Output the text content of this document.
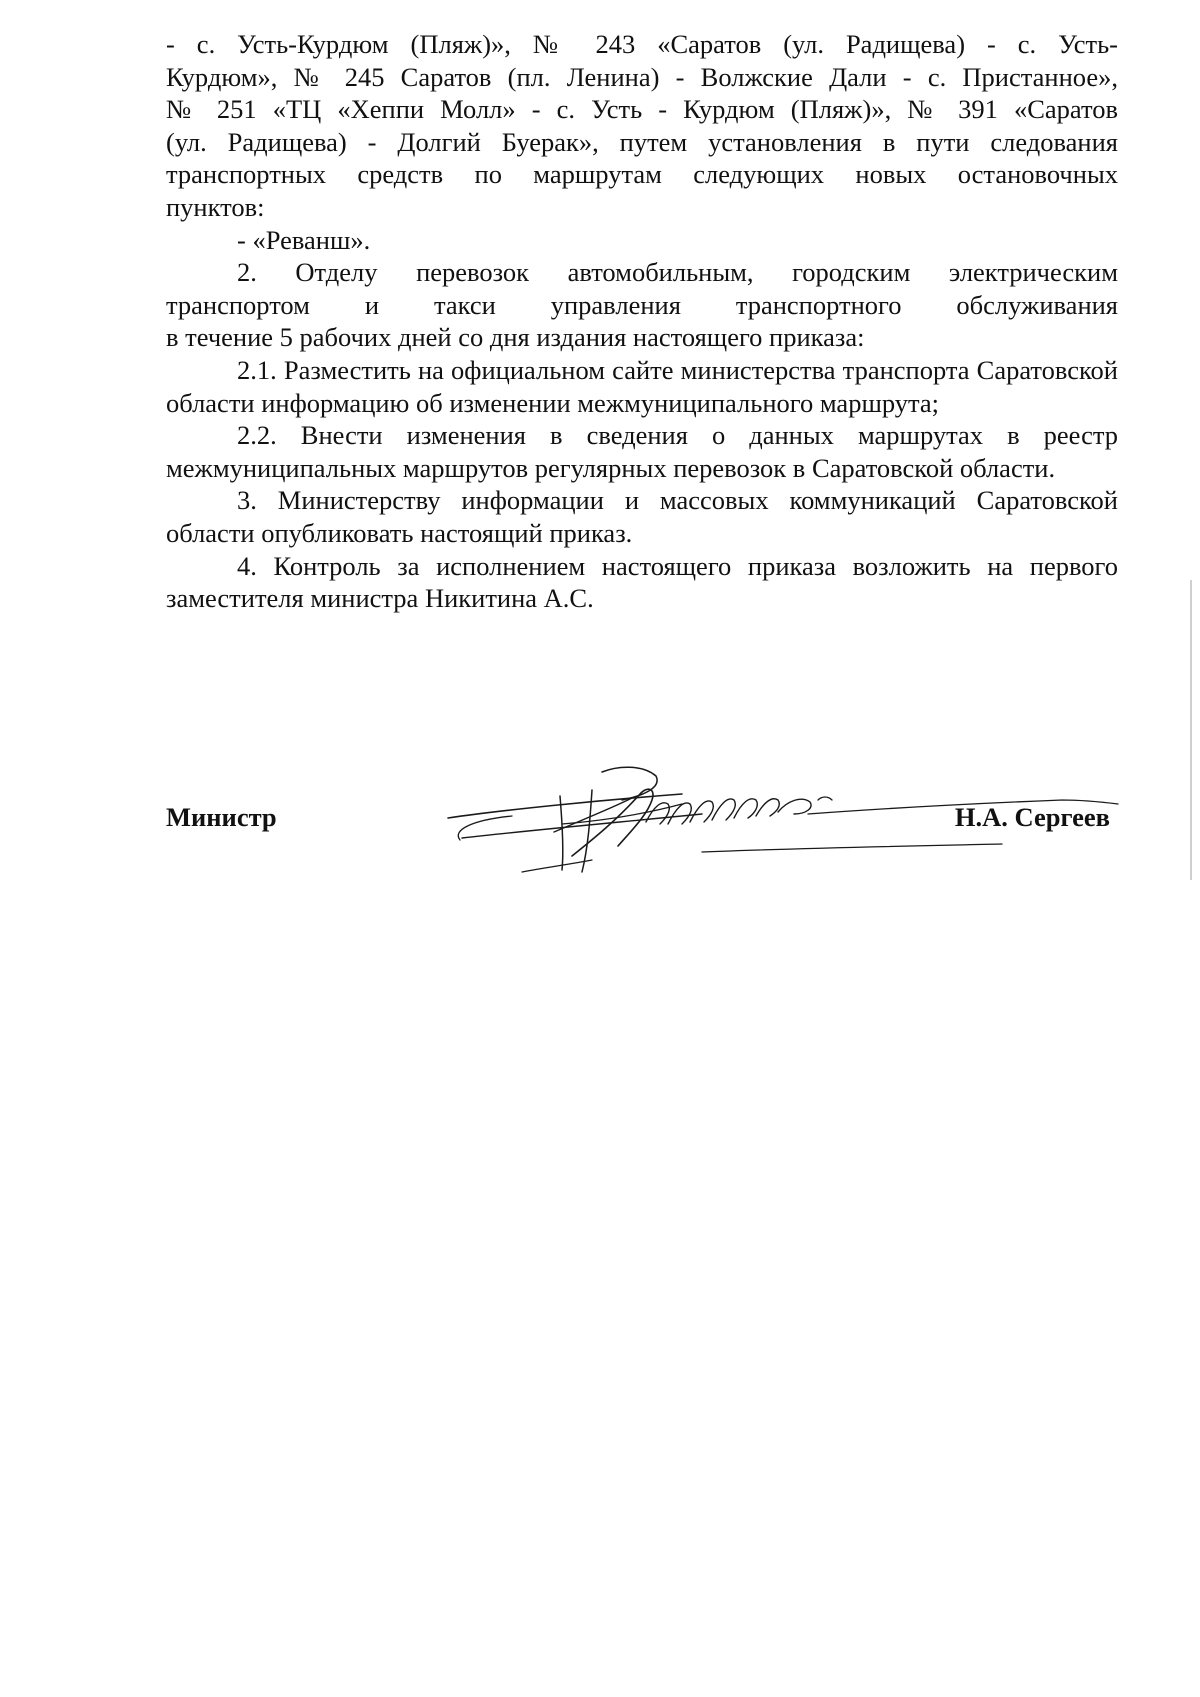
- с. Усть-Курдюм (Пляж)», № 243 «Саратов (ул. Радищева) - с. Усть-

Курдюм», № 245 Саратов (пл. Ленина) - Волжские Дали - с. Пристанное»,

№ 251 «ТЦ «Хеппи Молл» - с. Усть - Курдюм (Пляж)», № 391 «Саратов

(ул. Радищева) - Долгий Буерак», путем установления в пути следования

транспортных средств по маршрутам следующих новых остановочных

пунктов:

- «Реванш».

2. Отделу перевозок автомобильным, городским электрическим

транспортом и такси управления транспортного обслуживания

в течение 5 рабочих дней со дня издания настоящего приказа:

2.1. Разместить на официальном сайте министерства транспорта Саратовской области информацию об изменении межмуниципального маршрута;

2.2. Внести изменения в сведения о данных маршрутах в реестр межмуниципальных маршрутов регулярных перевозок в Саратовской области.

3. Министерству информации и массовых коммуникаций Саратовской области опубликовать настоящий приказ.

4. Контроль за исполнением настоящего приказа возложить на первого заместителя министра Никитина А.С.

Министр	Н.А. Сергеев
